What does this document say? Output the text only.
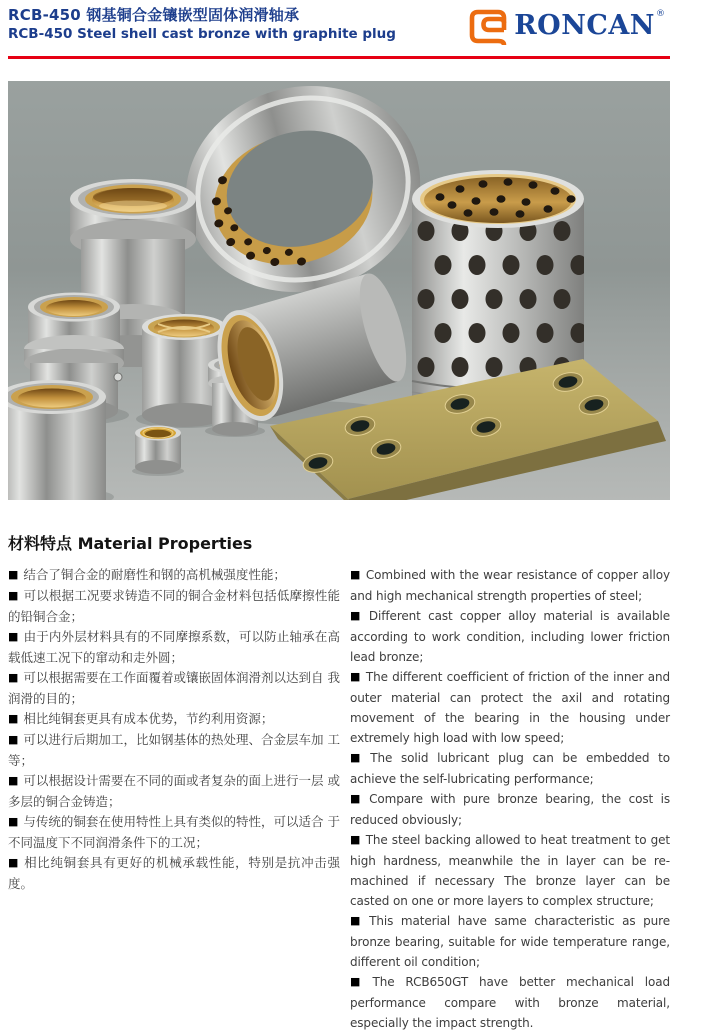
RCB-450 钢基铜合金镶嵌型固体润滑轴承
RCB-450 Steel shell cast bronze with graphite plug	RONCAN ®
材料特点 Material Properties

■ 结合了铜合金的耐磨性和钢的高机械强度性能；

■ 可以根据工况要求铸造不同的铜合金材料包括低摩擦性能的铅铜合金；

■ 由于内外层材料具有的不同摩擦系数，可以防止轴承在高载低速工况下的窜动和走外圆；

■ 可以根据需要在工作面覆着或镶嵌固体润滑剂以达到自 我润滑的目的；

■ 相比纯铜套更具有成本优势，节约利用资源；

■ 可以进行后期加工，比如钢基体的热处理、合金层车加 工等；

■ 可以根据设计需要在不同的面或者复杂的面上进行一层 或多层的铜合金铸造；

■ 与传统的铜套在使用特性上具有类似的特性，可以适合 于不同温度下不同润滑条件下的工况；

■ 相比纯铜套具有更好的机械承载性能，特别是抗冲击强度。

■ Combined with the wear resistance of copper alloy and high mechanical strength properties of steel;

■ Different cast copper alloy material is available according to work condition, including lower friction lead bronze;

■ The different coefficient of friction of the inner and outer material can protect the axil and rotating movement of the bearing in the housing under extremely high load with low speed;

■ The solid lubricant plug can be embedded to achieve the self-lubricating performance;

■ Compare with pure bronze bearing, the cost is reduced obviously;

■ The steel backing allowed to heat treatment to get high hardness, meanwhile the in layer can be re-machined if necessary The bronze layer can be casted on one or more layers to complex structure;

■ This material have same characteristic as pure bronze bearing, suitable for wide temperature range, different oil condition;

■ The RCB650GT have better mechanical load performance compare with bronze material, especially the impact strength.
